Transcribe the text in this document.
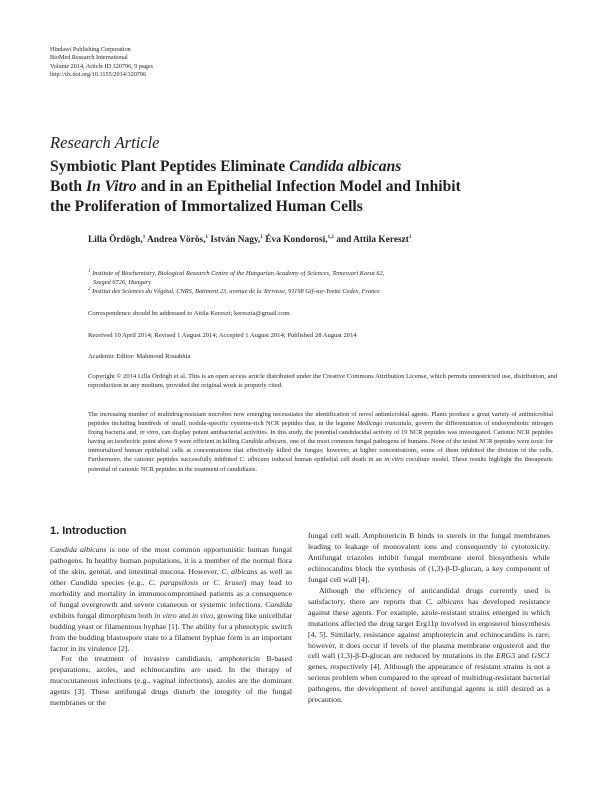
Hindawi Publishing Corporation
BioMed Research International
Volume 2014, Article ID 320796, 9 pages
http://dx.doi.org/10.1155/2014/320796
Research Article
Symbiotic Plant Peptides Eliminate Candida albicans
Both In Vitro and in an Epithelial Infection Model and Inhibit
the Proliferation of Immortalized Human Cells
Lilla Ördögh,$^1$ Andrea Vörös,$^1$ István Nagy,$^1$ Éva Kondorosi,$^{1,2}$ and Attila Kereszt$^1$
$^1$ Institute of Biochemistry, Biological Research Centre of the Hungarian Academy of Sciences, Temesvari Korut 62,
Szeged 6726, Hungary
$^2$ Institut des Sciences du Végétal, CNRS, Batiment 23, avenue de la Terrasse, 91198 Gif-sur-Yvette Cedex, France
Correspondence should be addressed to Attila Kereszt; kereszta@gmail.com
Received 10 April 2014; Revised 1 August 2014; Accepted 1 August 2014; Published 28 August 2014
Academic Editor: Mahmoud Rouabhia
Copyright © 2014 Lilla Ördögh et al. This is an open access article distributed under the Creative Commons Attribution License, which permits unrestricted use, distribution, and reproduction in any medium, provided the original work is properly cited.
The increasing number of multidrug-resistant microbes now emerging necessitates the identification of novel antimicrobial agents. Plants produce a great variety of antimicrobial peptides including hundreds of small, nodule-specific cysteine-rich NCR peptides that, in the legume Medicago truncatula, govern the differentiation of endosymbiotic nitrogen fixing bacteria and, in vitro, can display potent antibacterial activities. In this study, the potential candidacidal activity of 19 NCR peptides was investigated. Cationic NCR peptides having an isoelectric point above 9 were efficient in killing Candida albicans, one of the most common fungal pathogens of humans. None of the tested NCR peptides were toxic for immortalized human epithelial cells at concentrations that effectively killed the fungus; however, at higher concentrations, some of them inhibited the division of the cells. Furthermore, the cationic peptides successfully inhibited C. albicans induced human epithelial cell death in an in vitro coculture model. These results highlight the therapeutic potential of cationic NCR peptides in the treatment of candidiasis.
1. Introduction

Candida albicans is one of the most common opportunistic human fungal pathogens. In healthy human populations, it is a member of the normal flora of the skin, genital, and intestinal mucosa. However, C. albicans as well as other Candida species (e.g., C. parapsilosis or C. krusei) may lead to morbidity and mortality in immunocompromised patients as a consequence of fungal overgrowth and severe cutaneous or systemic infections. Candida exhibits fungal dimorphism both in vitro and in vivo, growing like unicellular budding yeast or filamentous hyphae [1]. The ability for a phenotypic switch from the budding blastospore state to a filament hyphae form is an important factor in its virulence [2].

For the treatment of invasive candidiasis, amphotericin B-based preparations, azoles, and echinocandins are used. In the therapy of mucocutaneous infections (e.g., vaginal infections), azoles are the dominant agents [3]. These antifungal drugs disturb the integrity of the fungal membranes or the

fungal cell wall. Amphotericin B binds to sterols in the fungal membranes leading to leakage of monovalent ions and consequently to cytotoxicity. Antifungal triazoles inhibit fungal membrane sterol biosynthesis while echinocandins block the synthesis of (1,3)-β-D-glucan, a key component of fungal cell wall [4].

Although the efficiency of anticandidal drugs currently used is satisfactory, there are reports that C. albicans has developed resistance against these agents. For example, azole-resistant strains emerged in which mutations affected the drug target Erg11p involved in ergosterol biosynthesis [4, 5]. Similarly, resistance against amphotericin and echinocandins is rare; however, it does occur if levels of the plasma membrane ergosterol and the cell wall (1,3)-β-D-glucan are reduced by mutations in the ERG3 and GSC1 genes, respectively [4]. Although the appearance of resistant strains is not a serious problem when compared to the spread of multidrug-resistant bacterial pathogens, the development of novel antifungal agents is still desired as a precaution.
